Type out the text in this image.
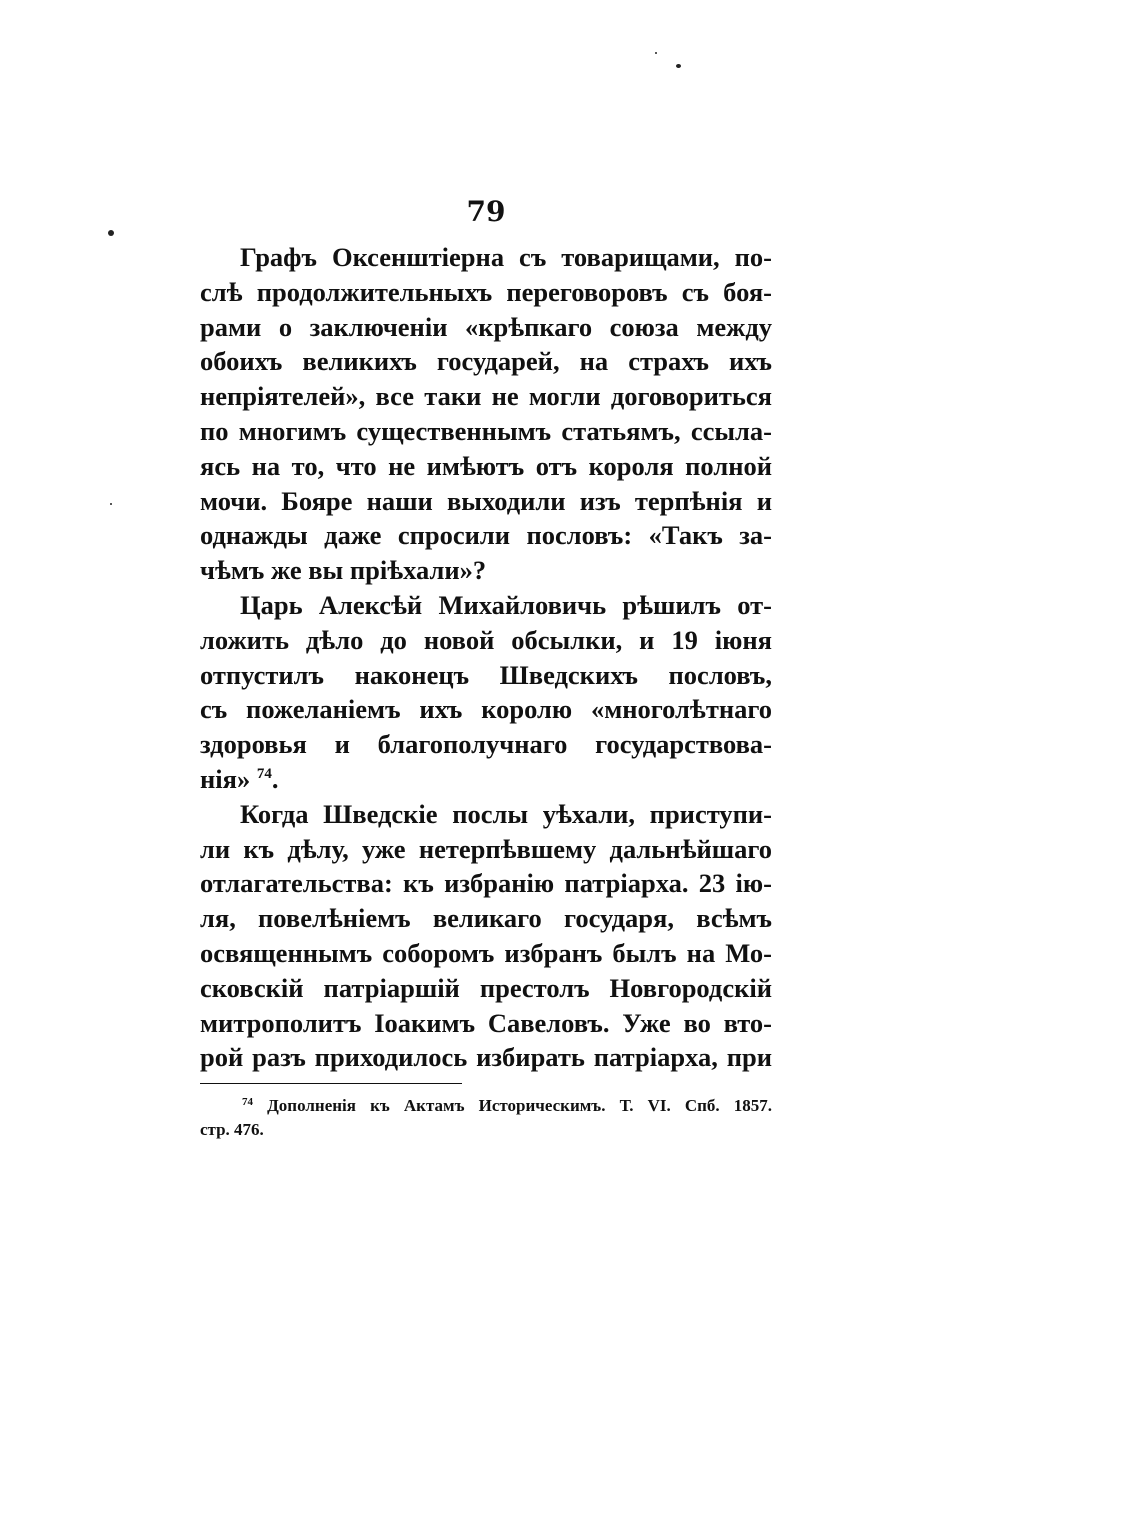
79

Графъ Оксенштіерна съ товарищами, по-
слѣ продолжительныхъ переговоровъ съ боя-
рами о заключеніи «крѣпкаго союза между
обоихъ великихъ государей, на страхъ ихъ
непріятелей», все таки не могли договориться
по многимъ существеннымъ статьямъ, ссыла-
ясь на то, что не имѣютъ отъ короля полной
мочи. Бояре наши выходили изъ терпѣнія и
однажды даже спросили пословъ: «Такъ за-
чѣмъ же вы пріѣхали»?

Царь Алексѣй Михайловичь рѣшилъ от-
ложить дѣло до новой обсылки, и 19 іюня
отпустилъ наконецъ Шведскихъ пословъ,
съ пожеланіемъ ихъ королю «многолѣтнаго
здоровья и благополучнаго государствова-
нія» $^{74}$.

Когда Шведскіе послы уѣхали, приступи-
ли къ дѣлу, уже нетерпѣвшему дальнѣйшаго
отлагательства: къ избранію патріарха. 23 ію-
ля, повелѣніемъ великаго государя, всѣмъ
освященнымъ соборомъ избранъ былъ на Мо-
сковскій патріаршій престолъ Новгородскій
митрополитъ Іоакимъ Савеловъ. Уже во вто-
рой разъ приходилось избирать патріарха, при

$^{74}$ Дополненія къ Актамъ Историческимъ. Т. VI. Спб. 1857.
стр. 476.
